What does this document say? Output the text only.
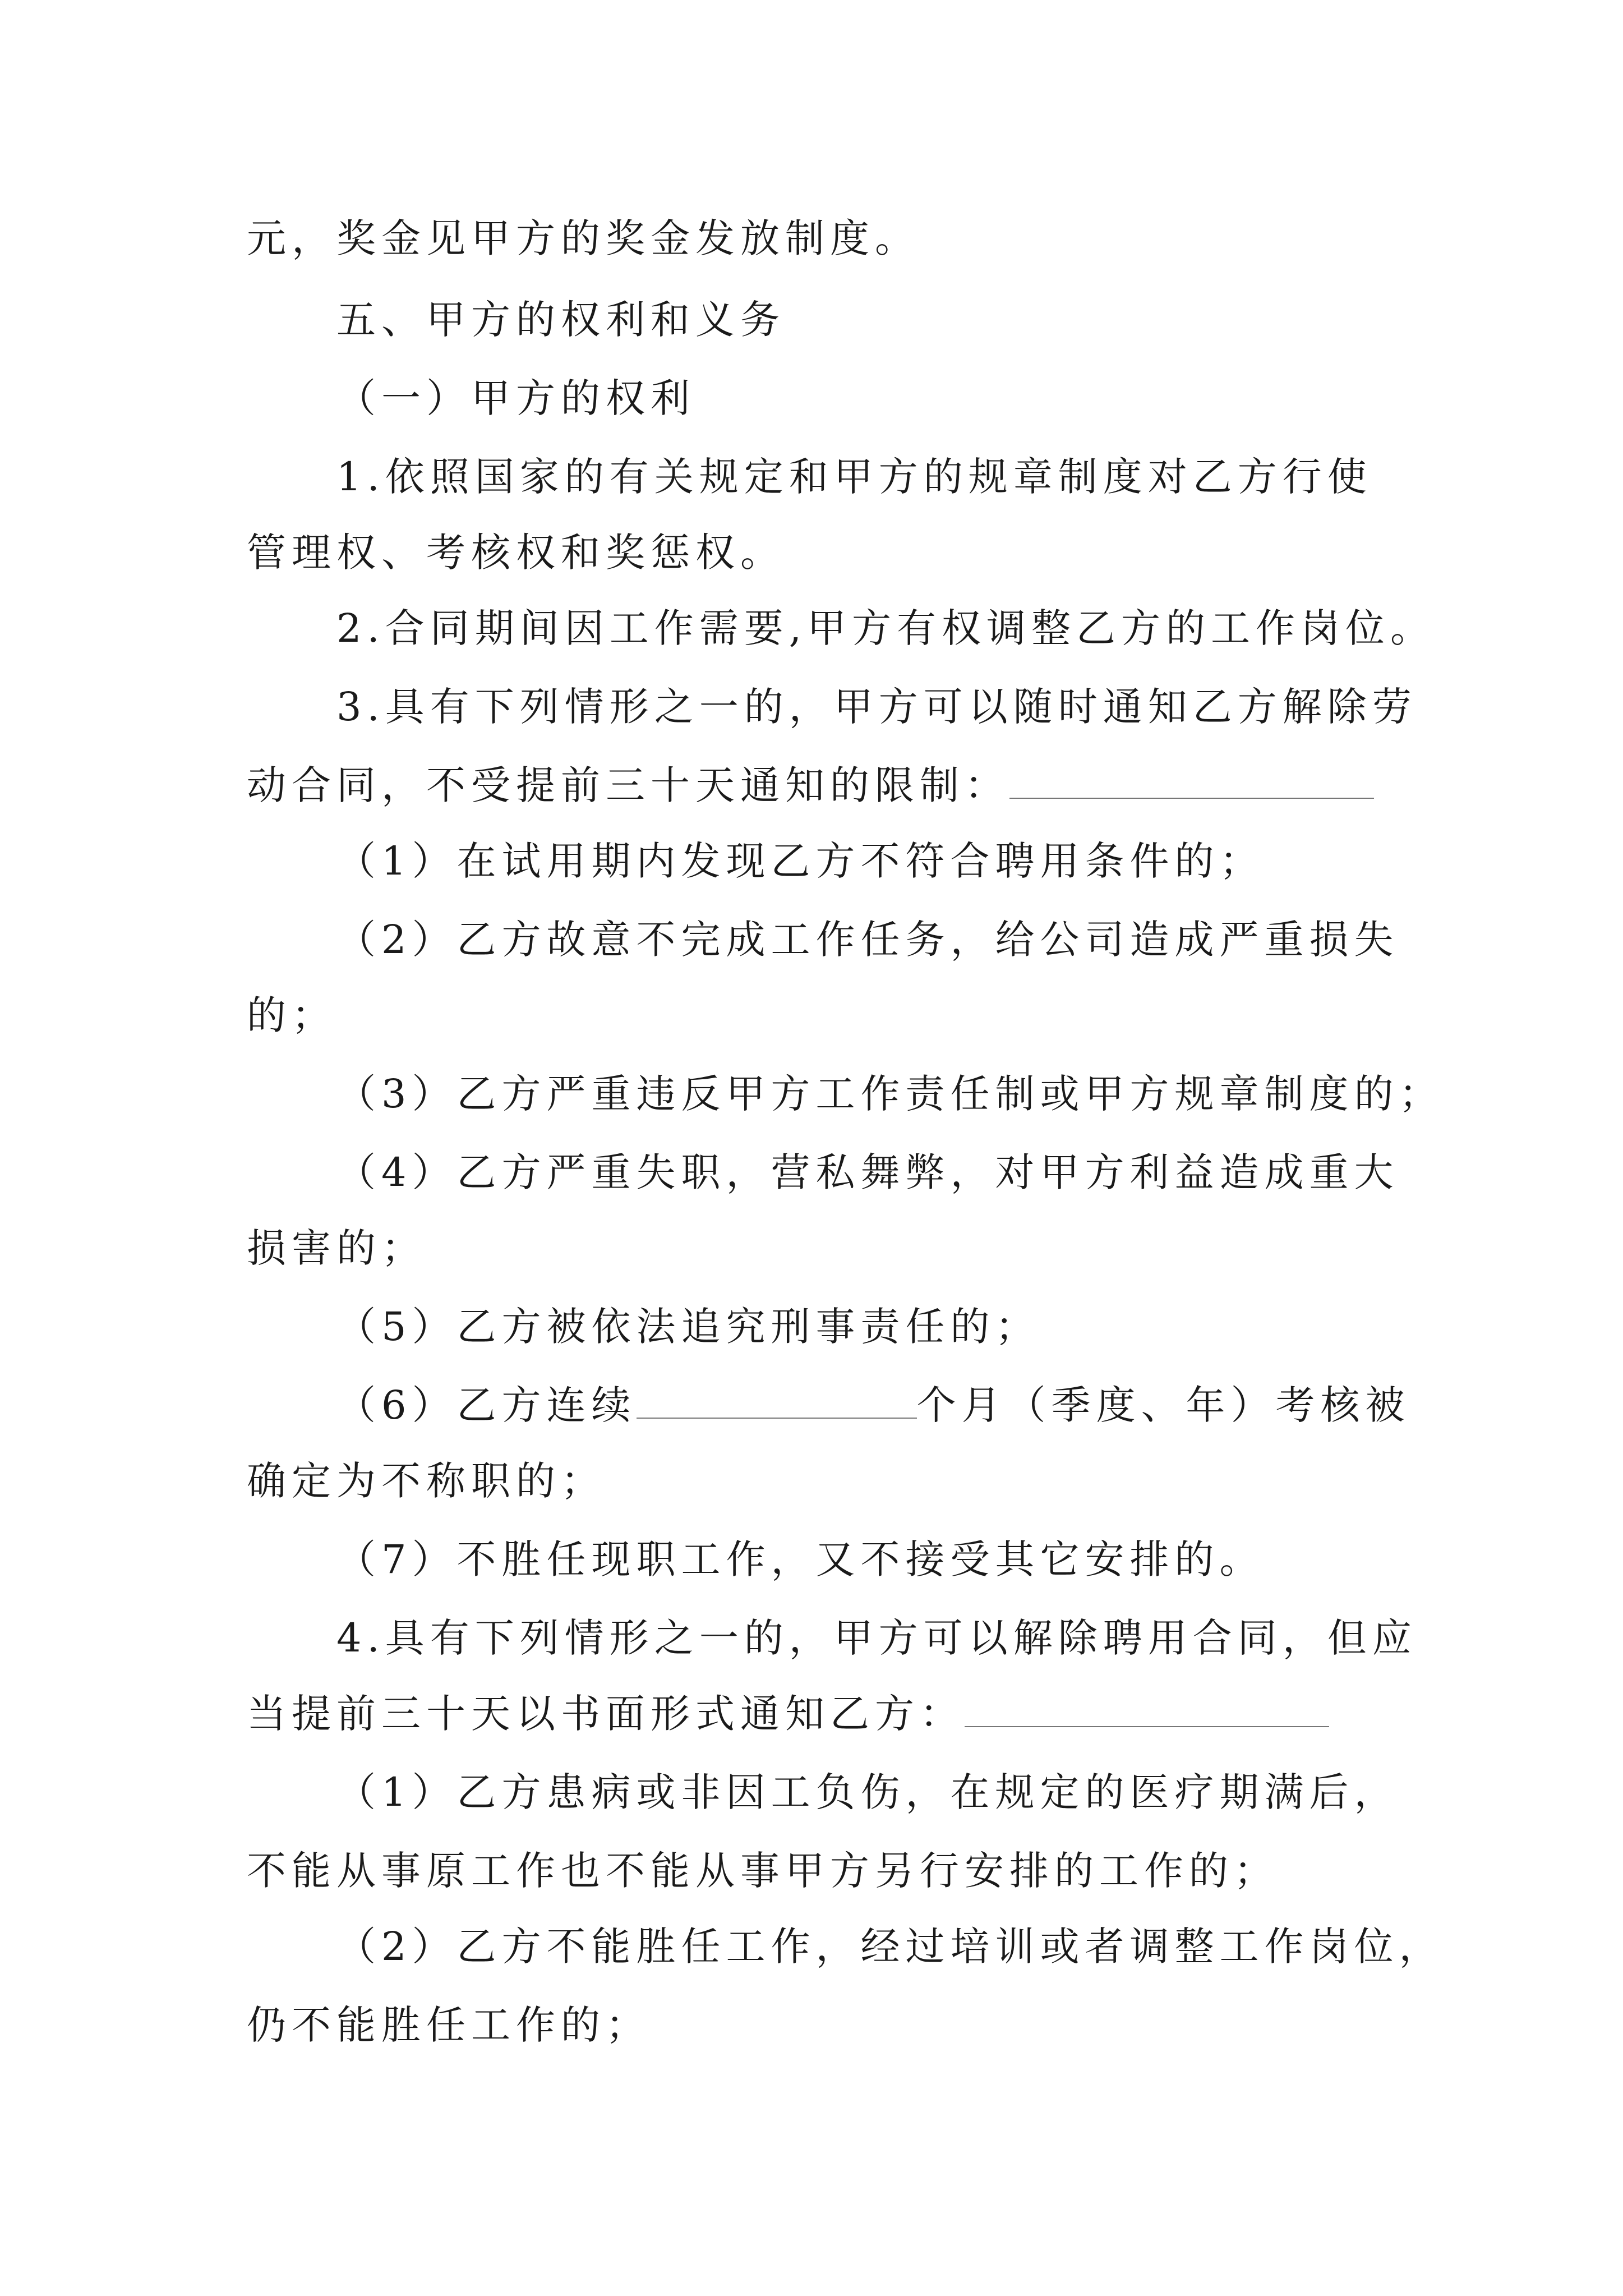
元，奖金见甲方的奖金发放制度。
五、甲方的权利和义务
（一）甲方的权利
1.依照国家的有关规定和甲方的规章制度对乙方行使
管理权、考核权和奖惩权。
2.合同期间因工作需要,甲方有权调整乙方的工作岗位。
3.具有下列情形之一的，甲方可以随时通知乙方解除劳
动合同，不受提前三十天通知的限制：
（1）在试用期内发现乙方不符合聘用条件的；
（2）乙方故意不完成工作任务，给公司造成严重损失
的；
（3）乙方严重违反甲方工作责任制或甲方规章制度的；
（4）乙方严重失职，营私舞弊，对甲方利益造成重大
损害的；
（5）乙方被依法追究刑事责任的；
（6）乙方连续	个月（季度、年）考核被
确定为不称职的；
（7）不胜任现职工作，又不接受其它安排的。
4.具有下列情形之一的，甲方可以解除聘用合同，但应
当提前三十天以书面形式通知乙方：
（1）乙方患病或非因工负伤，在规定的医疗期满后，
不能从事原工作也不能从事甲方另行安排的工作的；
（2）乙方不能胜任工作，经过培训或者调整工作岗位，
仍不能胜任工作的；
